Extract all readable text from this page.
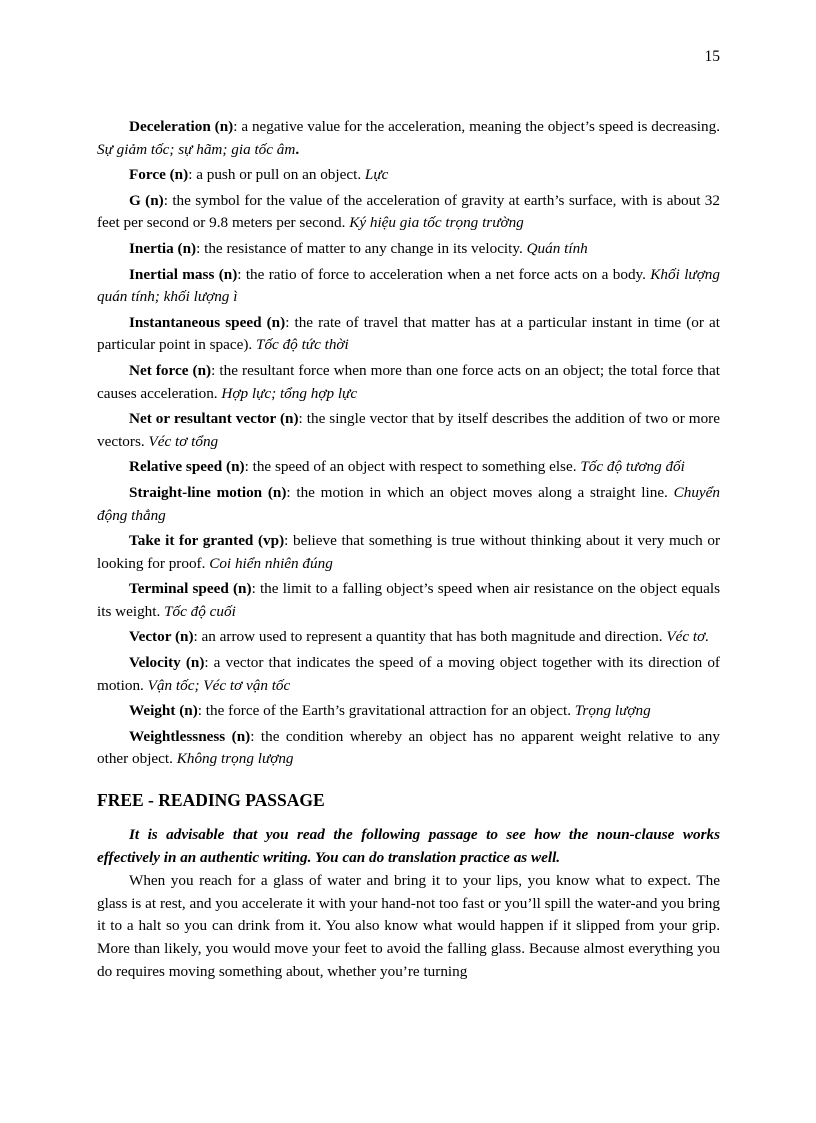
15

Deceleration (n): a negative value for the acceleration, meaning the object’s speed is decreasing. Sự giảm tốc; sự hãm; gia tốc âm.

Force (n): a push or pull on an object. Lực

G (n): the symbol for the value of the acceleration of gravity at earth’s surface, with is about 32 feet per second or 9.8 meters per second. Ký hiệu gia tốc trọng trường

Inertia (n): the resistance of matter to any change in its velocity. Quán tính

Inertial mass (n): the ratio of force to acceleration when a net force acts on a body. Khối lượng quán tính; khối lượng ì

Instantaneous speed (n): the rate of travel that matter has at a particular instant in time (or at particular point in space). Tốc độ tức thời

Net force (n): the resultant force when more than one force acts on an object; the total force that causes acceleration. Hợp lực; tổng hợp lực

Net or resultant vector (n): the single vector that by itself describes the addition of two or more vectors. Véc tơ tổng

Relative speed (n): the speed of an object with respect to something else. Tốc độ tương đối

Straight-line motion (n): the motion in which an object moves along a straight line. Chuyển động thẳng

Take it for granted (vp): believe that something is true without thinking about it very much or looking for proof. Coi hiển nhiên đúng

Terminal speed (n): the limit to a falling object’s speed when air resistance on the object equals its weight. Tốc độ cuối

Vector (n): an arrow used to represent a quantity that has both magnitude and direction. Véc tơ.

Velocity (n): a vector that indicates the speed of a moving object together with its direction of motion. Vận tốc; Véc tơ vận tốc

Weight (n): the force of the Earth’s gravitational attraction for an object. Trọng lượng

Weightlessness (n): the condition whereby an object has no apparent weight relative to any other object. Không trọng lượng

FREE - READING PASSAGE

It is advisable that you read the following passage to see how the noun-clause works effectively in an authentic writing. You can do translation practice as well.

When you reach for a glass of water and bring it to your lips, you know what to expect. The glass is at rest, and you accelerate it with your hand-not too fast or you’ll spill the water-and you bring it to a halt so you can drink from it. You also know what would happen if it slipped from your grip. More than likely, you would move your feet to avoid the falling glass. Because almost everything you do requires moving something about, whether you’re turning
